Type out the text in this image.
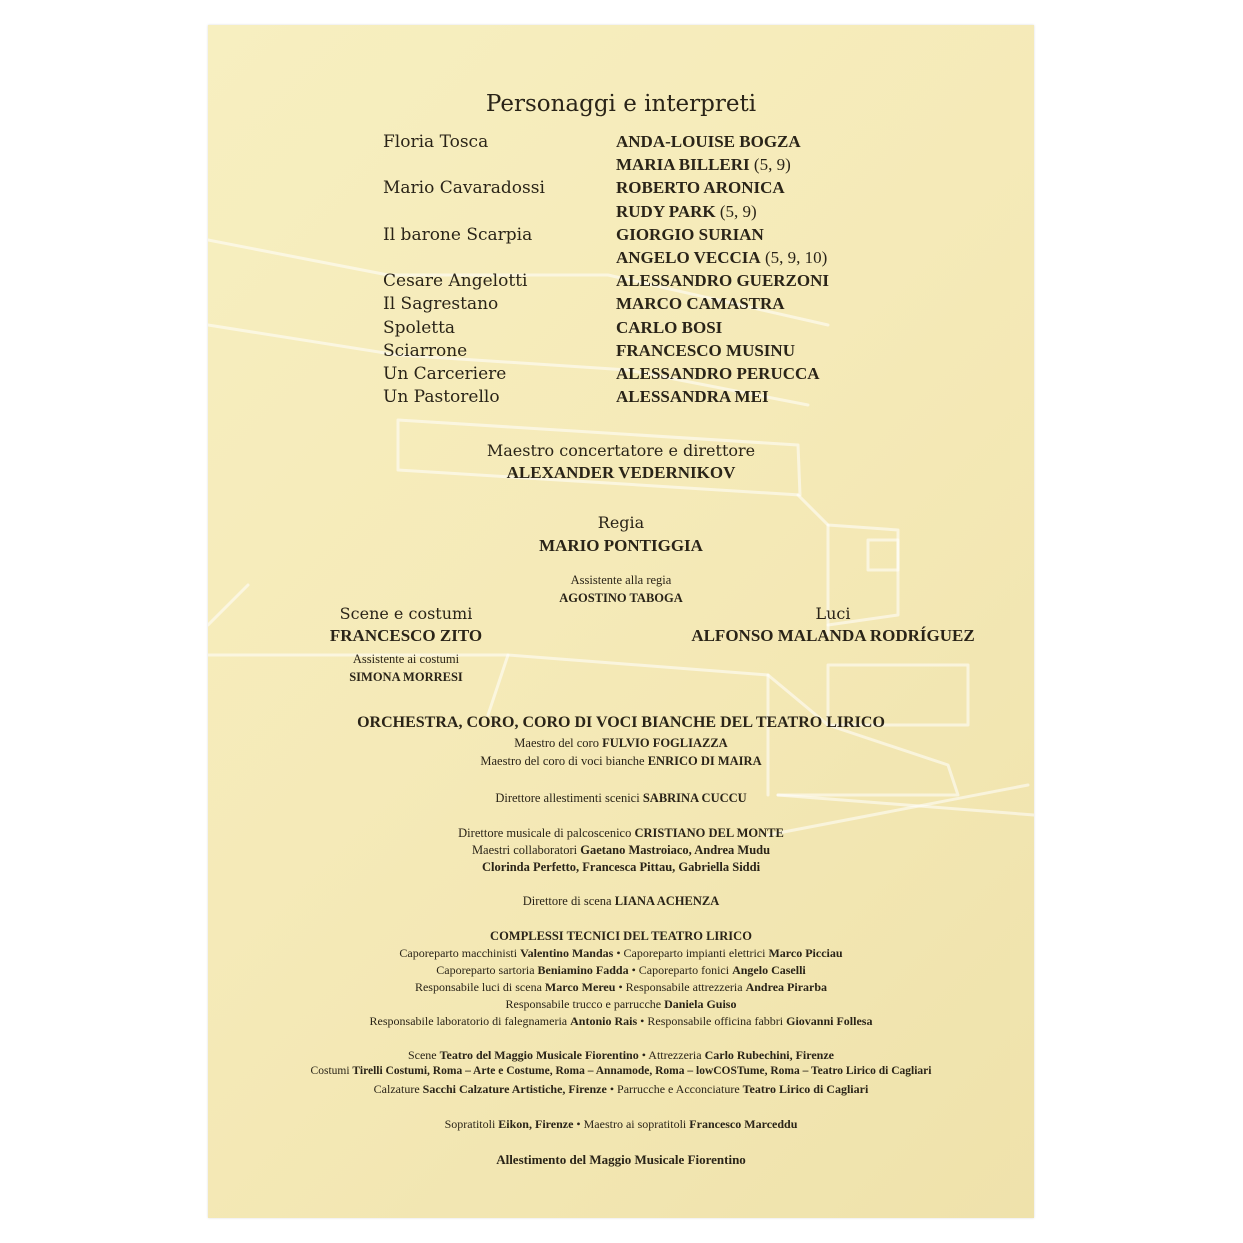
Personaggi e interpreti
Floria Tosca	ANDA-LOUISE BOGZA
MARIA BILLERI (5, 9)
Mario Cavaradossi	ROBERTO ARONICA
RUDY PARK (5, 9)
Il barone Scarpia	GIORGIO SURIAN
ANGELO VECCIA (5, 9, 10)
Cesare Angelotti	ALESSANDRO GUERZONI
Il Sagrestano	MARCO CAMASTRA
Spoletta	CARLO BOSI
Sciarrone	FRANCESCO MUSINU
Un Carceriere	ALESSANDRO PERUCCA
Un Pastorello	ALESSANDRA MEI
Maestro concertatore e direttore
ALEXANDER VEDERNIKOV
Regia
MARIO PONTIGGIA
Assistente alla regia
AGOSTINO TABOGA
Scene e costumi
FRANCESCO ZITO
Assistente ai costumi
SIMONA MORRESI
Luci
ALFONSO MALANDA RODRÍGUEZ
ORCHESTRA, CORO, CORO DI VOCI BIANCHE DEL TEATRO LIRICO
Maestro del coro FULVIO FOGLIAZZA
Maestro del coro di voci bianche ENRICO DI MAIRA
Direttore allestimenti scenici SABRINA CUCCU
Direttore musicale di palcoscenico CRISTIANO DEL MONTE
Maestri collaboratori Gaetano Mastroiaco, Andrea Mudu
Clorinda Perfetto, Francesca Pittau, Gabriella Siddi
Direttore di scena LIANA ACHENZA
COMPLESSI TECNICI DEL TEATRO LIRICO
Caporeparto macchinisti Valentino Mandas • Caporeparto impianti elettrici Marco Picciau
Caporeparto sartoria Beniamino Fadda • Caporeparto fonici Angelo Caselli
Responsabile luci di scena Marco Mereu • Responsabile attrezzeria Andrea Pirarba
Responsabile trucco e parrucche Daniela Guiso
Responsabile laboratorio di falegnameria Antonio Rais • Responsabile officina fabbri Giovanni Follesa
Scene Teatro del Maggio Musicale Fiorentino • Attrezzeria Carlo Rubechini, Firenze
Costumi Tirelli Costumi, Roma – Arte e Costume, Roma – Annamode, Roma – lowCOSTume, Roma – Teatro Lirico di Cagliari
Calzature Sacchi Calzature Artistiche, Firenze • Parrucche e Acconciature Teatro Lirico di Cagliari
Sopratitoli Eikon, Firenze • Maestro ai sopratitoli Francesco Marceddu
Allestimento del Maggio Musicale Fiorentino
